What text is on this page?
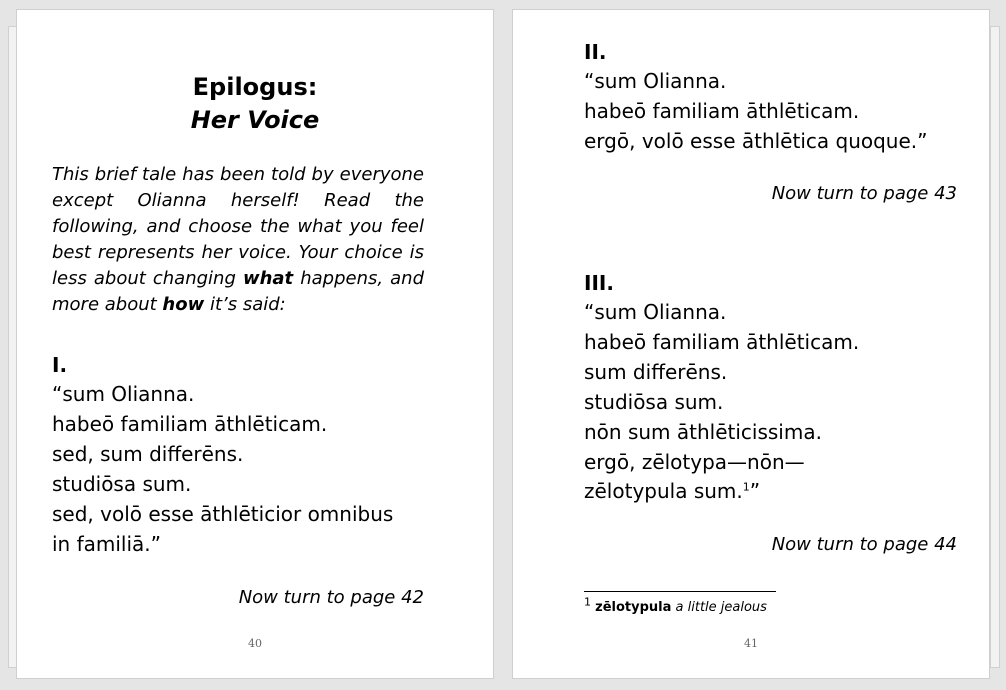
Epilogus:
Her Voice
This brief tale has been told by everyone except Olianna herself! Read the following, and choose the what you feel best represents her voice. Your choice is less about changing what happens, and more about how it’s said:
I.
“sum Olianna.
habeō familiam āthlēticam.
sed, sum differēns.
studiōsa sum.
sed, volō esse āthlēticior omnibus
in familiā.”
Now turn to page 42
40
II.
“sum Olianna.
habeō familiam āthlēticam.
ergō, volō esse āthlētica quoque.”
Now turn to page 43
III.
“sum Olianna.
habeō familiam āthlēticam.
sum differēns.
studiōsa sum.
nōn sum āthlēticissima.
ergō, zēlotypa—nōn—
zēlotypula sum.$^1$”
Now turn to page 44
$^1$ zēlotypula a little jealous
41
